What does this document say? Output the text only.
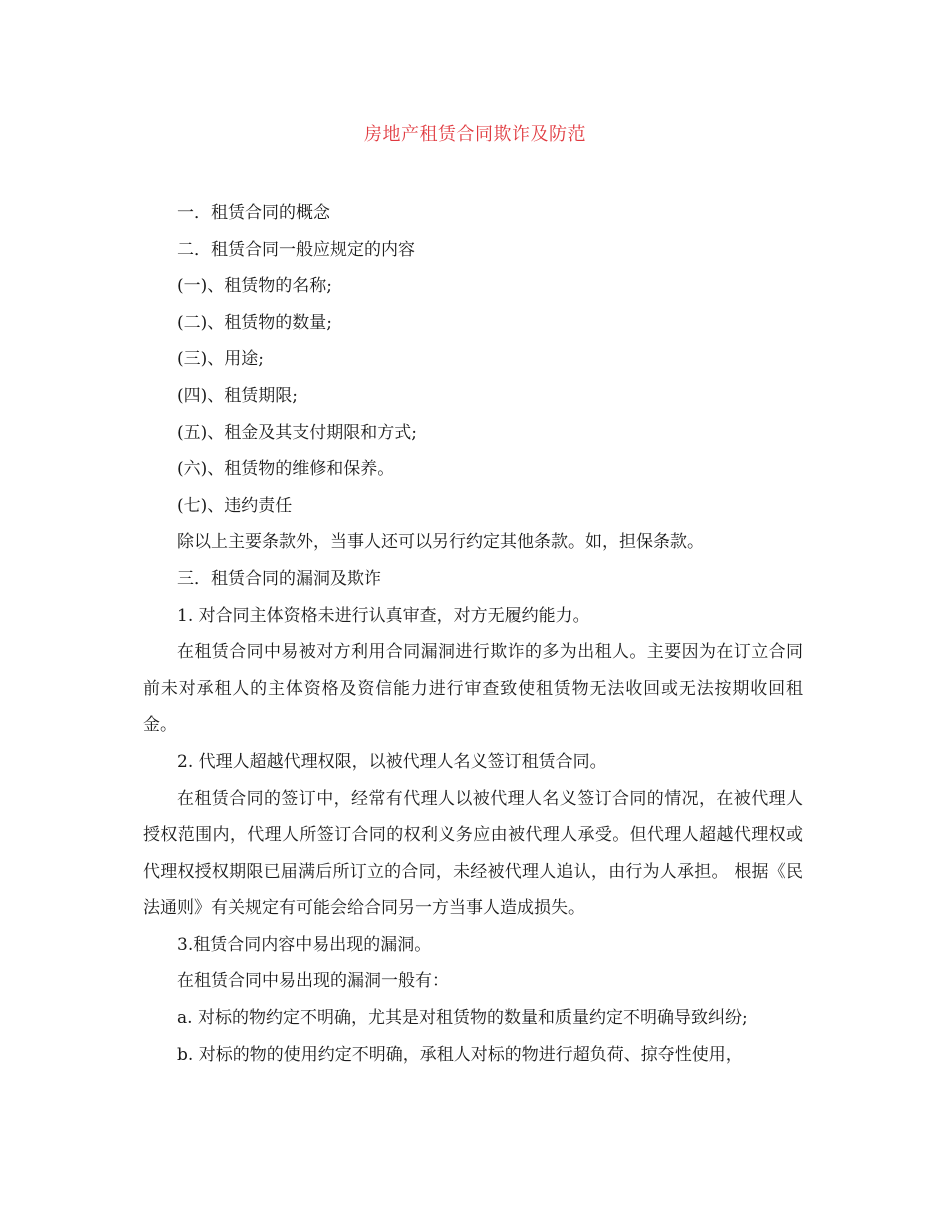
房地产租赁合同欺诈及防范

一．租赁合同的概念

二．租赁合同一般应规定的内容

(一)、租赁物的名称;

(二)、租赁物的数量;

(三)、用途;

(四)、租赁期限;

(五)、租金及其支付期限和方式;

(六)、租赁物的维修和保养。

(七)、违约责任

除以上主要条款外，当事人还可以另行约定其他条款。如，担保条款。

三．租赁合同的漏洞及欺诈

1. 对合同主体资格未进行认真审查，对方无履约能力。

在租赁合同中易被对方利用合同漏洞进行欺诈的多为出租人。主要因为在订立合同前未对承租人的主体资格及资信能力进行审查致使租赁物无法收回或无法按期收回租金。

2. 代理人超越代理权限，以被代理人名义签订租赁合同。

在租赁合同的签订中，经常有代理人以被代理人名义签订合同的情况，在被代理人授权范围内，代理人所签订合同的权利义务应由被代理人承受。但代理人超越代理权或代理权授权期限已届满后所订立的合同，未经被代理人追认，由行为人承担。 根据《民法通则》有关规定有可能会给合同另一方当事人造成损失。

3.租赁合同内容中易出现的漏洞。

在租赁合同中易出现的漏洞一般有：

a. 对标的物约定不明确，尤其是对租赁物的数量和质量约定不明确导致纠纷;

b. 对标的物的使用约定不明确，承租人对标的物进行超负荷、掠夺性使用，
